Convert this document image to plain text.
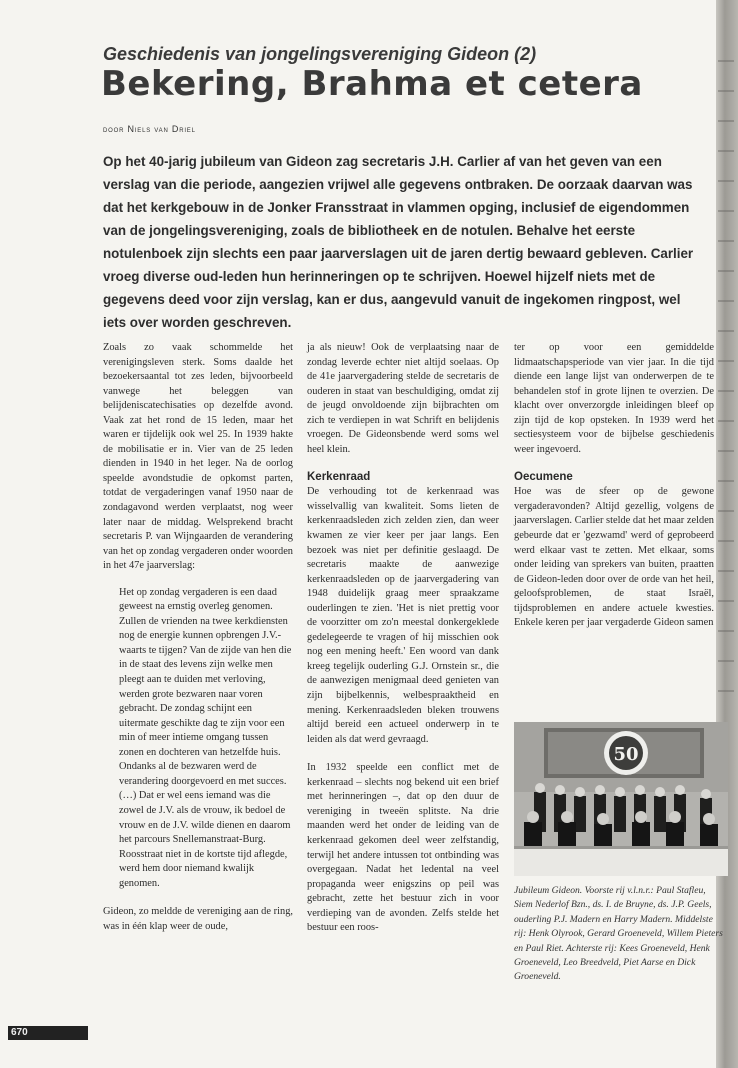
Geschiedenis van jongelingsvereniging Gideon (2)
Bekering, Brahma et cetera
door Niels van Driel
Op het 40-jarig jubileum van Gideon zag secretaris J.H. Carlier af van het geven van een verslag van die periode, aangezien vrijwel alle gegevens ontbraken. De oorzaak daarvan was dat het kerkgebouw in de Jonker Fransstraat in vlammen opging, inclusief de eigendommen van de jongelingsvereniging, zoals de bibliotheek en de notulen. Behalve het eerste notulenboek zijn slechts een paar jaarverslagen uit de jaren dertig bewaard gebleven. Carlier vroeg diverse oud-leden hun herinneringen op te schrijven. Hoewel hijzelf niets met de gegevens deed voor zijn verslag, kan er dus, aangevuld vanuit de ingekomen ringpost, wel iets over worden geschreven.

Zoals zo vaak schommelde het verenigingsleven sterk. Soms daalde het bezoekersaantal tot zes leden, bijvoorbeeld vanwege het beleggen van belijdeniscatechisaties op dezelfde avond. Vaak zat het rond de 15 leden, maar het waren er tijdelijk ook wel 25. In 1939 hakte de mobilisatie er in. Vier van de 25 leden dienden in 1940 in het leger. Na de oorlog speelde avondstudie de opkomst parten, totdat de vergaderingen vanaf 1950 naar de zondagavond werden verplaatst, nog weer later naar de middag. Welsprekend bracht secretaris P. van Wijngaarden de verandering van het op zondag vergaderen onder woorden in het 47e jaarverslag:

Het op zondag vergaderen is een daad geweest na ernstig overleg genomen. Zullen de vrienden na twee kerkdiensten nog de energie kunnen opbrengen J.V.-waarts te tijgen? Van de zijde van hen die in de staat des levens zijn welke men pleegt aan te duiden met verloving, werden grote bezwaren naar voren gebracht. De zondag schijnt een uitermate geschikte dag te zijn voor een min of meer intieme omgang tussen zonen en dochteren van hetzelfde huis. Ondanks al de bezwaren werd de verandering doorgevoerd en met succes. (…) Dat er wel eens iemand was die zowel de J.V. als de vrouw, ik bedoel de vrouw en de J.V. wilde dienen en daarom het parcours Snellemanstraat-Burg. Roosstraat niet in de kortste tijd aflegde, werd hem door niemand kwalijk genomen.

Gideon, zo meldde de vereniging aan de ring, was in één klap weer de oude,

ja als nieuw! Ook de verplaatsing naar de zondag leverde echter niet altijd soelaas. Op de 41e jaarvergadering stelde de secretaris de ouderen in staat van beschuldiging, omdat zij de jeugd onvoldoende zijn bijbrachten om zich te verdiepen in wat Schrift en belijdenis vroegen. De Gideonsbende werd soms wel heel klein.

Kerkenraad

De verhouding tot de kerkenraad was wisselvallig van kwaliteit. Soms lieten de kerkenraadsleden zich zelden zien, dan weer kwamen ze vier keer per jaar langs. Een bezoek was niet per definitie geslaagd. De secretaris maakte de aanwezige kerkenraadsleden op de jaarvergadering van 1948 duidelijk graag meer spraakzame ouderlingen te zien. 'Het is niet prettig voor de voorzitter om zo'n meestal donkergeklede gedelegeerde te vragen of hij misschien ook nog een mening heeft.' Een woord van dank kreeg tegelijk ouderling G.J. Ornstein sr., die de aanwezigen menigmaal deed genieten van zijn bijbelkennis, welbespraaktheid en mening. Kerkenraadsleden bleken trouwens altijd bereid een actueel onderwerp in te leiden als dat werd gevraagd.

In 1932 speelde een conflict met de kerkenraad – slechts nog bekend uit een brief met herinneringen –, dat op den duur de vereniging in tweeën splitste. Na drie maanden werd het onder de leiding van de kerkenraad gekomen deel weer zelfstandig, terwijl het andere intussen tot ontbinding was overgegaan. Nadat het ledental na veel propaganda weer enigszins op peil was gebracht, zette het bestuur zich in voor verdieping van de avonden. Zelfs stelde het bestuur een roos-

ter op voor een gemiddelde lidmaatschapsperiode van vier jaar. In die tijd diende een lange lijst van onderwerpen de te behandelen stof in grote lijnen te overzien. De klacht over onverzorgde inleidingen bleef op zijn tijd de kop opsteken. In 1939 werd het sectiesysteem voor de bijbelse geschiedenis weer ingevoerd.

Oecumene

Hoe was de sfeer op de gewone vergaderavonden? Altijd gezellig, volgens de jaarverslagen. Carlier stelde dat het maar zelden gebeurde dat er 'gezwamd' werd of geprobeerd werd elkaar vast te zetten. Met elkaar, soms onder leiding van sprekers van buiten, praatten de Gideon-leden door over de orde van het heil, geloofsproblemen, de staat Israël, tijdsproblemen en andere actuele kwesties. Enkele keren per jaar vergaderde Gideon samen

50
Jubileum Gideon. Voorste rij v.l.n.r.: Paul Stafleu, Siem Nederlof Bzn., ds. I. de Bruyne, ds. J.P. Geels, ouderling P.J. Madern en Harry Madern. Middelste rij: Henk Olyrook, Gerard Groeneveld, Willem Pieters en Paul Riet. Achterste rij: Kees Groeneveld, Henk Groeneveld, Leo Breedveld, Piet Aarse en Dick Groeneveld.
670
